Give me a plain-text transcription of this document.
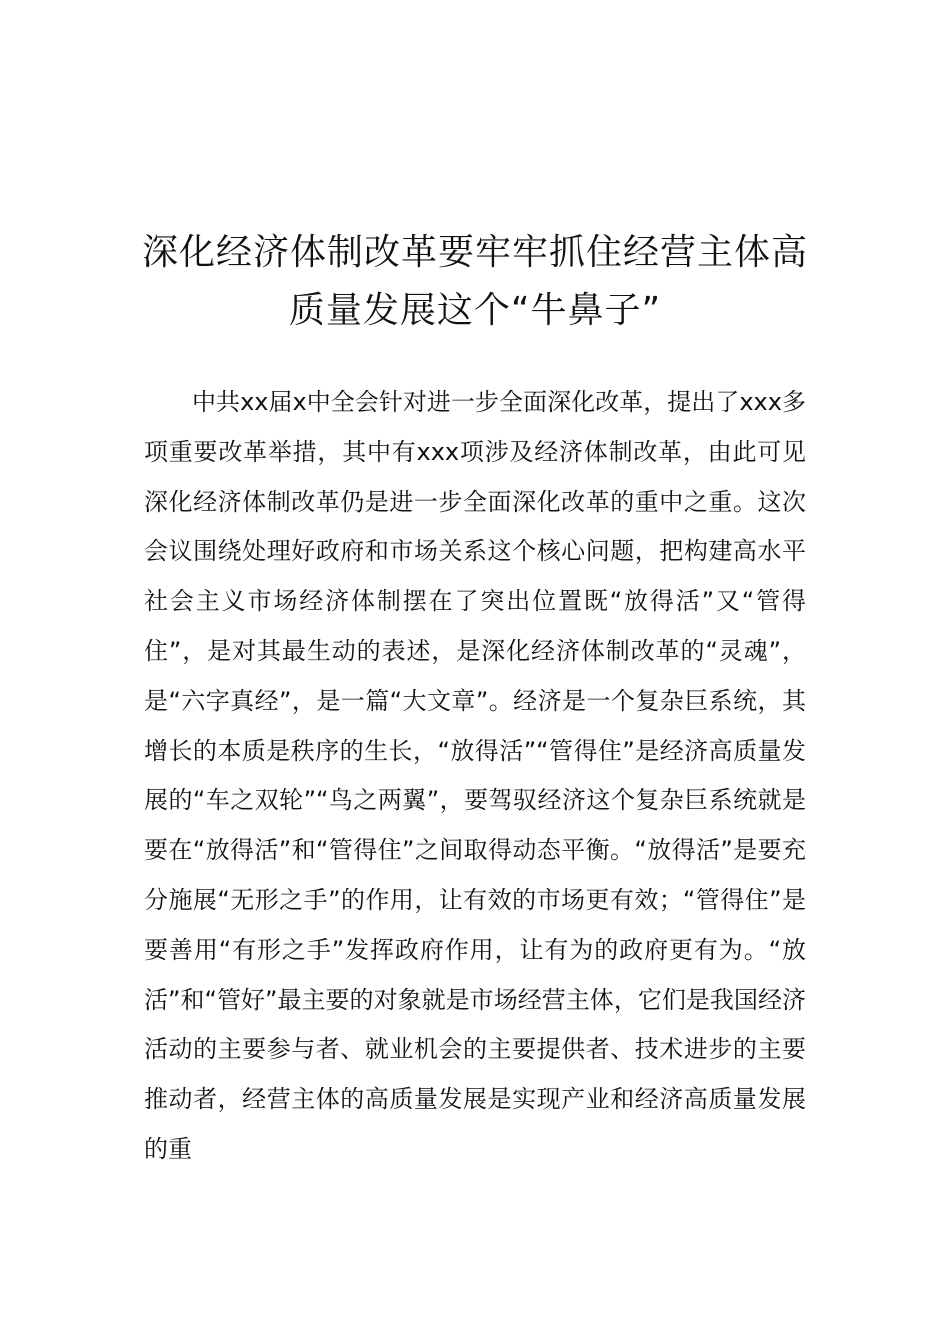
深化经济体制改革要牢牢抓住经营主体高
质量发展这个“牛鼻子”

中共xx届x中全会针对进一步全面深化改革，提出了xxx多项重要改革举措，其中有xxx项涉及经济体制改革，由此可见深化经济体制改革仍是进一步全面深化改革的重中之重。这次会议围绕处理好政府和市场关系这个核心问题，把构建高水平社会主义市场经济体制摆在了突出位置既“放得活”又“管得住”，是对其最生动的表述，是深化经济体制改革的“灵魂”，是“六字真经”，是一篇“大文章”。经济是一个复杂巨系统，其增长的本质是秩序的生长，“放得活”“管得住”是经济高质量发展的“车之双轮”“鸟之两翼”，要驾驭经济这个复杂巨系统就是要在“放得活”和“管得住”之间取得动态平衡。“放得活”是要充分施展“无形之手”的作用，让有效的市场更有效；“管得住”是要善用“有形之手”发挥政府作用，让有为的政府更有为。“放活”和“管好”最主要的对象就是市场经营主体，它们是我国经济活动的主要参与者、就业机会的主要提供者、技术进步的主要推动者，经营主体的高质量发展是实现产业和经济高质量发展的重
